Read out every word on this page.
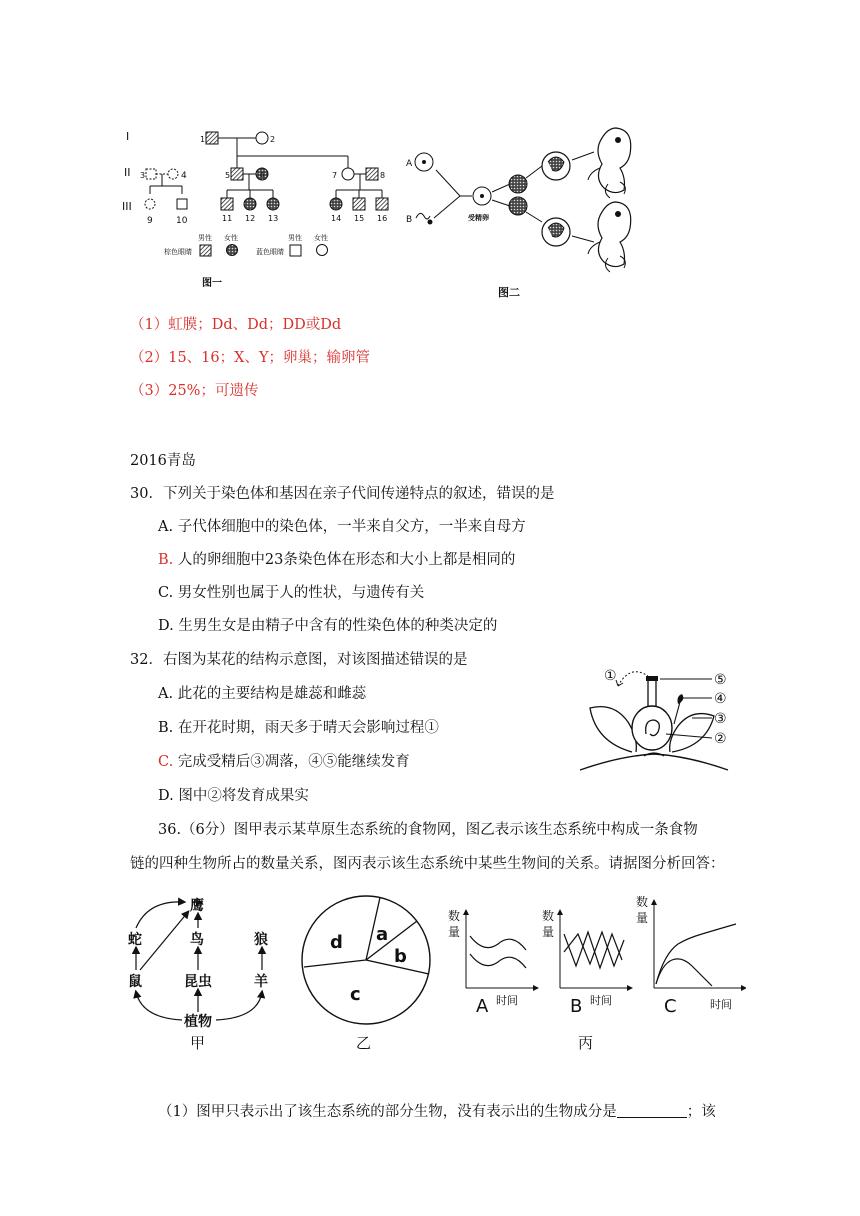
I
II
III
1	2
3	4	5	6	7	8
9	10	11 12 13	14 15 16
男性 女性
棕色眼睛
男性 女性
蓝色眼睛
图一
A
B	受精卵
图二
（1）虹膜；Dd、Dd；DD或Dd
（2）15、16；X、Y；卵巢；输卵管
（3）25%；可遗传
2016青岛
30．下列关于染色体和基因在亲子代间传递特点的叙述，错误的是
A. 子代体细胞中的染色体，一半来自父方，一半来自母方
B. 人的卵细胞中23条染色体在形态和大小上都是相同的
C. 男女性别也属于人的性状，与遗传有关
D. 生男生女是由精子中含有的性染色体的种类决定的
32．右图为某花的结构示意图，对该图描述错误的是
A. 此花的主要结构是雄蕊和雌蕊
B. 在开花时期，雨天多于晴天会影响过程①
C. 完成受精后③凋落，④⑤能继续发育
D. 图中②将发育成果实
①	⑤
④
③
②
36.（6分）图甲表示某草原生态系统的食物网，图乙表示该生态系统中构成一条食物
链的四种生物所占的数量关系，图丙表示该生态系统中某些生物间的关系。请据图分析回答：
鹰
蛇	鸟	狼
鼠	昆虫	羊
植物
甲
a
b
c
d
乙
数
量
A 时间
数
量
B 时间
数
量
C	时间
丙
（1）图甲只表示出了该生态系统的部分生物，没有表示出的生物成分是	；该
